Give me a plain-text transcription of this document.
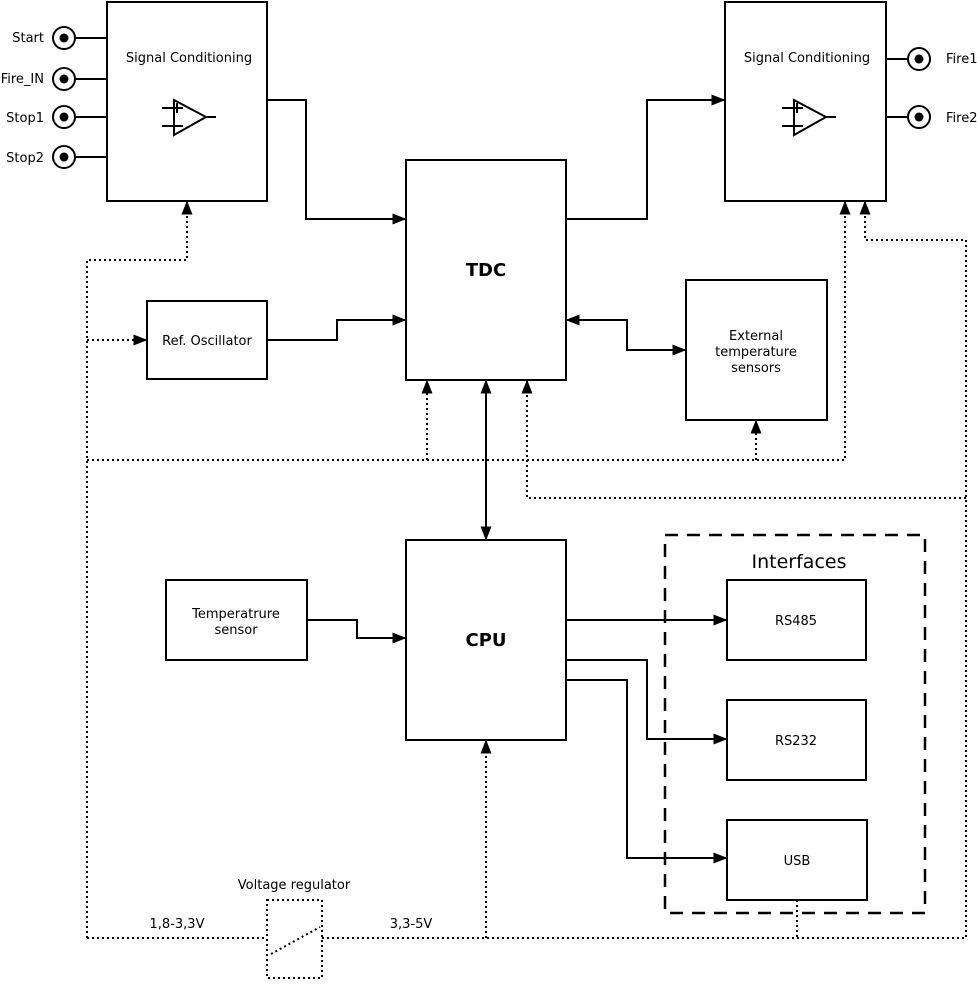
Interfaces
Signal Conditioning	Signal Conditioning
TDC
Ref. Oscillator	External
temperature
sensors
CPU
Temperatrure
sensor
RS485
RS232
USB
Voltage regulator
1,8-3,3V	3,3-5V
Start
Fire_IN
Stop1
Stop2
Fire1
Fire2
